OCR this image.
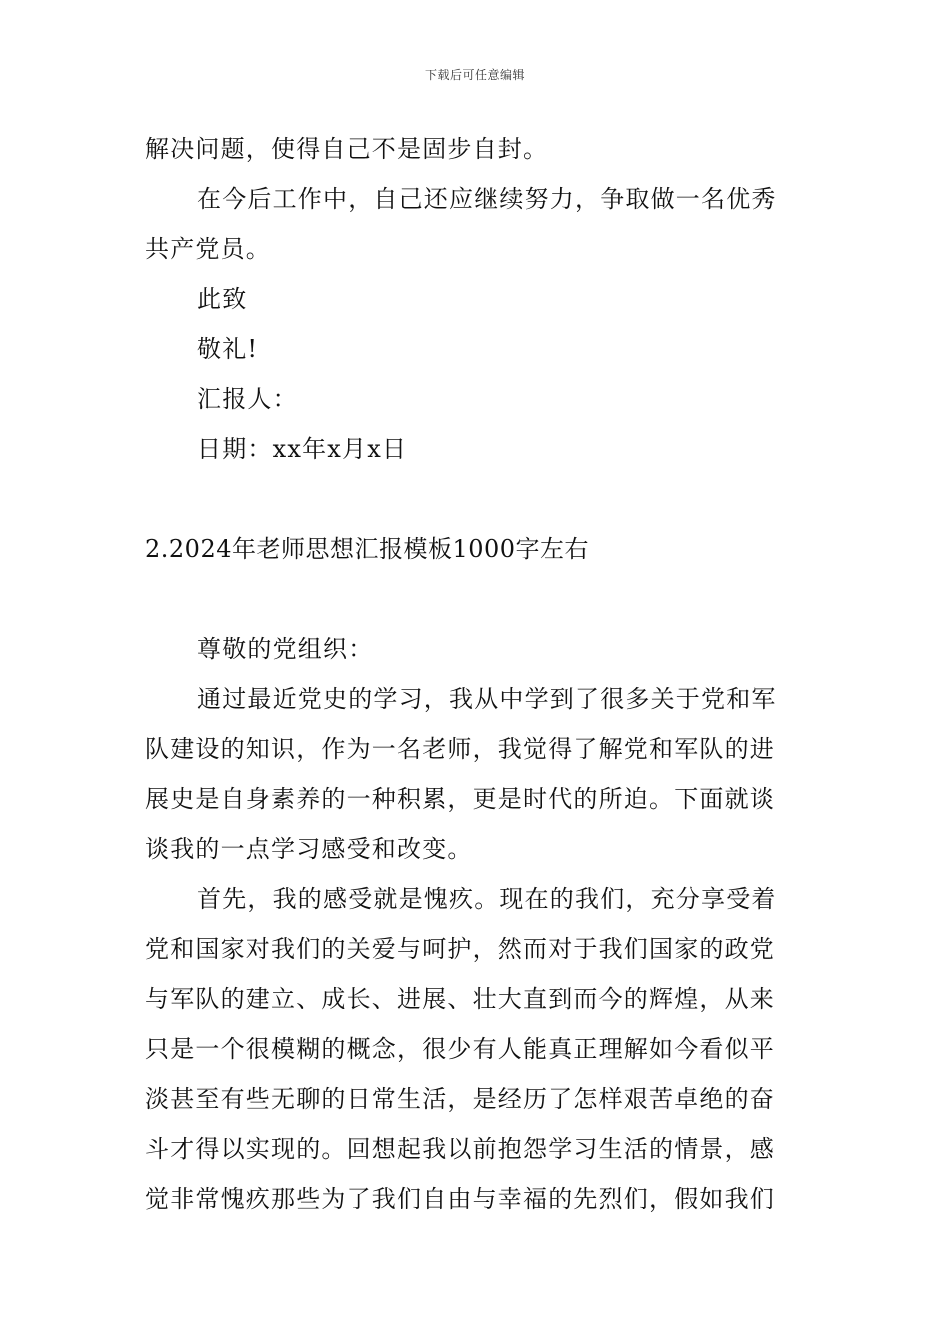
下载后可任意编辑
解决问题，使得自己不是固步自封。
在今后工作中，自己还应继续努力，争取做一名优秀
共产党员。
此致
敬礼!
汇报人：
日期：xx年x月x日
2.2024年老师思想汇报模板1000字左右
尊敬的党组织：
通过最近党史的学习，我从中学到了很多关于党和军
队建设的知识，作为一名老师，我觉得了解党和军队的进
展史是自身素养的一种积累，更是时代的所迫。下面就谈
谈我的一点学习感受和改变。
首先，我的感受就是愧疚。现在的我们，充分享受着
党和国家对我们的关爱与呵护，然而对于我们国家的政党
与军队的建立、成长、进展、壮大直到而今的辉煌，从来
只是一个很模糊的概念，很少有人能真正理解如今看似平
淡甚至有些无聊的日常生活，是经历了怎样艰苦卓绝的奋
斗才得以实现的。回想起我以前抱怨学习生活的情景，感
觉非常愧疚那些为了我们自由与幸福的先烈们，假如我们
